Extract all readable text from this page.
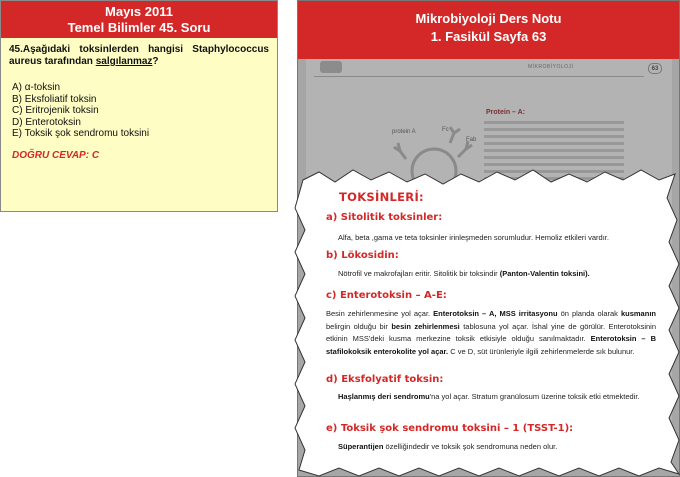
Mayıs 2011
Temel Bilimler 45. Soru
45.Aşağıdaki toksinlerden hangisi Staphylococcus aureus tarafından salgılanmaz?
A) α-toksin
B) Eksfoliatif toksin
C) Eritrojenik toksin
D) Enterotoksin
E) Toksik şok sendromu toksini
DOĞRU CEVAP: C
Mikrobiyoloji Ders Notu
1. Fasikül Sayfa 63
MİKROBİYOLOJİ	63
protein A	Fc
Fab
Protein – A:
TOKSİNLERİ:
a) Sitolitik toksinler:
Alfa, beta ,gama ve teta toksinler irinleşmeden sorumludur. Hemoliz etkileri vardır.
b) Lökosidin:
Nötrofil ve makrofajları eritir. Sitolitik bir toksindir (Panton-Valentin toksini).
c) Enterotoksin – A-E:
Besin zehirlenmesine yol açar. Enterotoksin – A, MSS irritasyonu ön planda olarak kusmanın belirgin olduğu bir besin zehirlenmesi tablosuna yol açar. İshal yine de görülür. Enterotoksinin etkinin MSS'deki kusma merkezine toksik etkisiyle olduğu sanılmaktadır. Enterotoksin – B stafilokoksik enterokolite yol açar. C ve D, süt ürünleriyle ilgili zehirlenmelerde sık bulunur.
d) Eksfolyatif toksin:
Haşlanmış deri sendromu'na yol açar. Stratum granülosum üzerine toksik etki etmektedir.
e) Toksik şok sendromu toksini – 1 (TSST-1):
Süperantijen özelliğindedir ve toksik şok sendromuna neden olur.
